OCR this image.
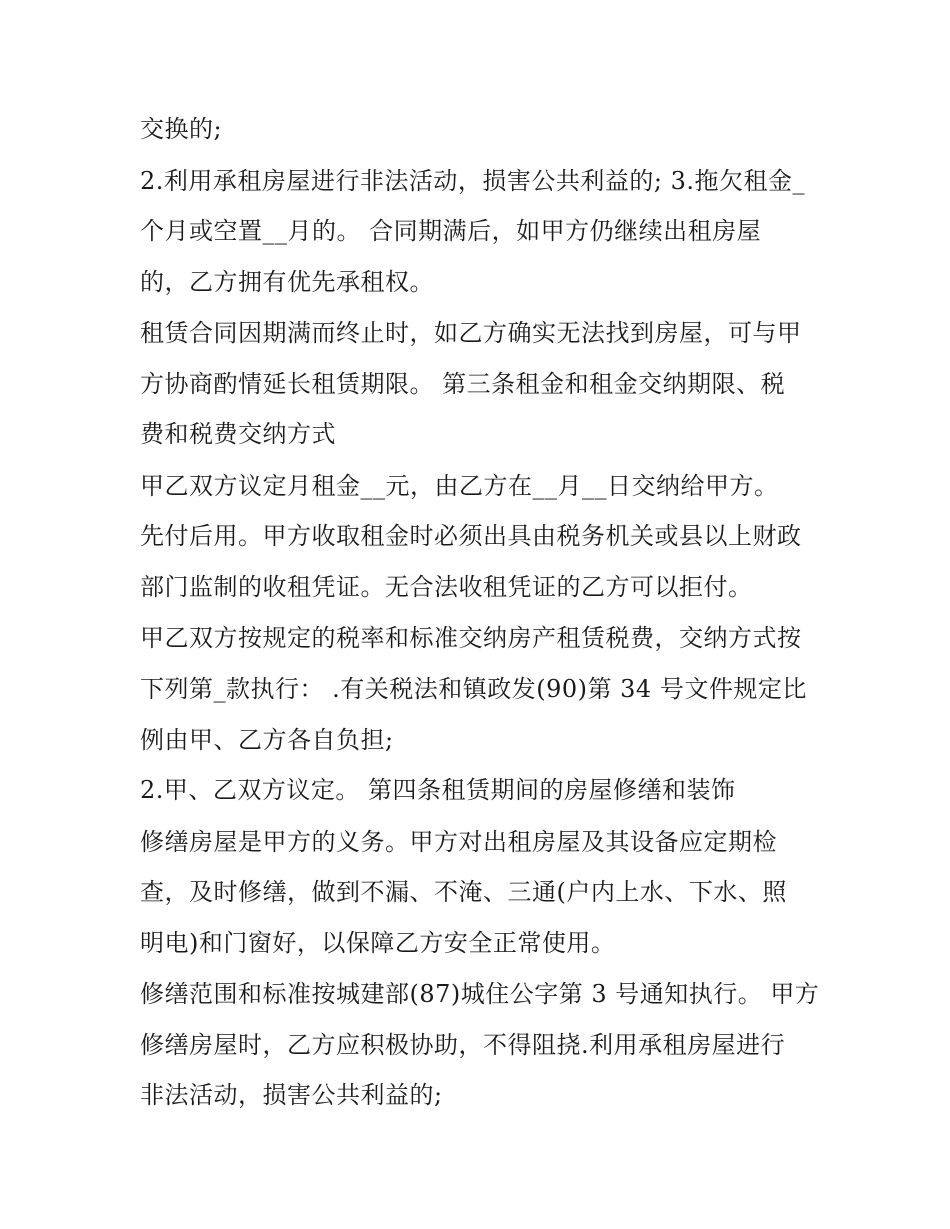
交换的;
2.利用承租房屋进行非法活动，损害公共利益的; 3.拖欠租金_
个月或空置__月的。 合同期满后，如甲方仍继续出租房屋
的，乙方拥有优先承租权。
租赁合同因期满而终止时，如乙方确实无法找到房屋，可与甲
方协商酌情延长租赁期限。 第三条租金和租金交纳期限、税
费和税费交纳方式
甲乙双方议定月租金__元，由乙方在__月__日交纳给甲方。
先付后用。甲方收取租金时必须出具由税务机关或县以上财政
部门监制的收租凭证。无合法收租凭证的乙方可以拒付。
甲乙双方按规定的税率和标准交纳房产租赁税费，交纳方式按
下列第_款执行： .有关税法和镇政发(90)第 34 号文件规定比
例由甲、乙方各自负担;
2.甲、乙双方议定。 第四条租赁期间的房屋修缮和装饰
修缮房屋是甲方的义务。甲方对出租房屋及其设备应定期检
查，及时修缮，做到不漏、不淹、三通(户内上水、下水、照
明电)和门窗好，以保障乙方安全正常使用。
修缮范围和标准按城建部(87)城住公字第 3 号通知执行。 甲方
修缮房屋时，乙方应积极协助，不得阻挠.利用承租房屋进行
非法活动，损害公共利益的;
